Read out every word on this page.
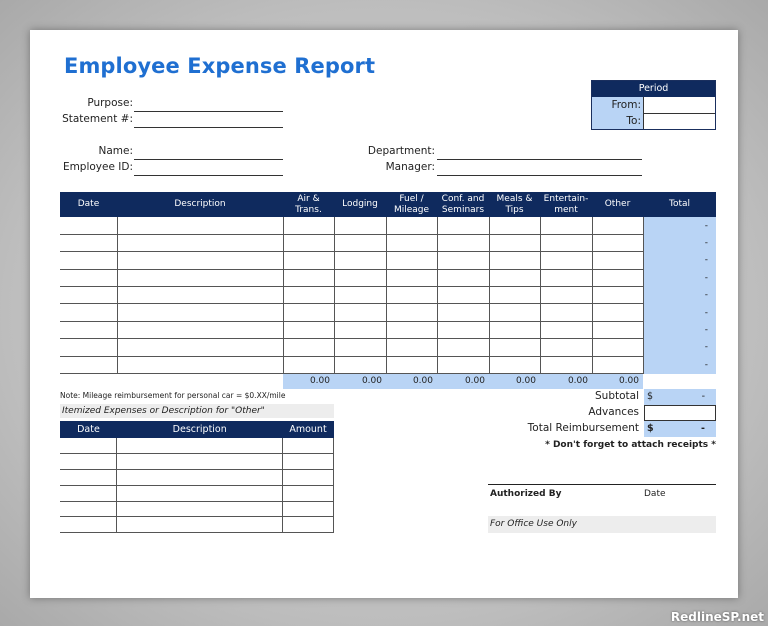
Employee Expense Report
Purpose:
Statement #:
Name:
Employee ID:
Department:
Manager:
Period
From:
To:
Date	Description	Air & Trans.	Lodging	Fuel / Mileage	Conf. and Seminars	Meals & Tips	Entertain-ment	Other	Total
									-
									-
									-
									-
									-
									-
									-
									-
									-
		0.00	0.00	0.00	0.00	0.00	0.00	0.00	
Note: Mileage reimbursement for personal car = $0.XX/mile
Itemized Expenses or Description for "Other"
Date	Description	Amount

Subtotal $	-
Advances
Total Reimbursement $	-
* Don't forget to attach receipts *
Authorized By	Date
For Office Use Only
RedlineSP.net
